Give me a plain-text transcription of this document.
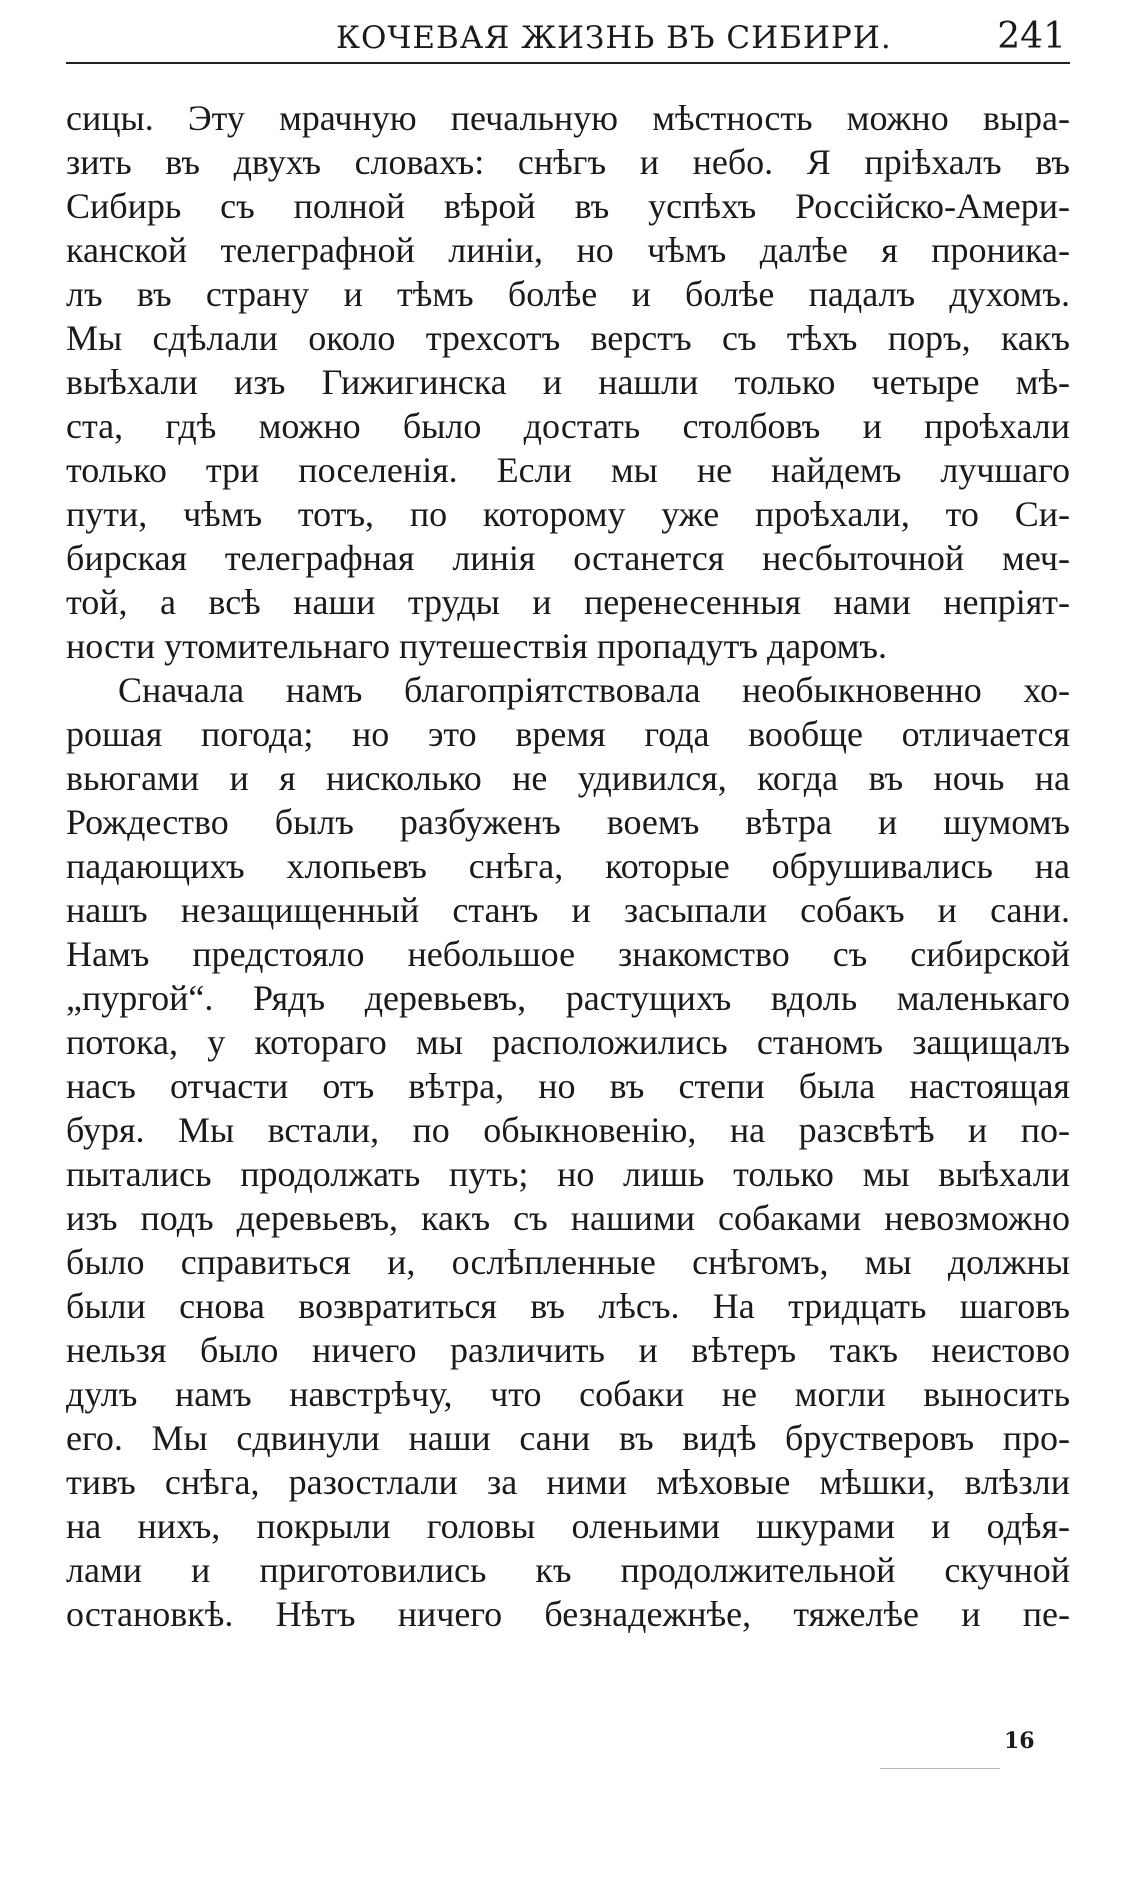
КОЧЕВАЯ ЖИЗНЬ ВЪ СИБИРИ.	241
сицы. Эту мрачную печальную мѣстность можно выра-
зить въ двухъ словахъ: снѣгъ и небо. Я пріѣхалъ въ
Сибирь съ полной вѣрой въ успѣхъ Россійско-Амери-
канской телеграфной линіи, но чѣмъ далѣе я проника-
лъ въ страну и тѣмъ болѣе и болѣе падалъ духомъ.
Мы сдѣлали около трехсотъ верстъ съ тѣхъ поръ, какъ
выѣхали изъ Гижигинска и нашли только четыре мѣ-
ста, гдѣ можно было достать столбовъ и проѣхали
только три поселенія. Если мы не найдемъ лучшаго
пути, чѣмъ тотъ, по которому уже проѣхали, то Си-
бирская телеграфная линія останется несбыточной меч-
той, а всѣ наши труды и перенесенныя нами непріят-
ности утомительнаго путешествія пропадутъ даромъ.
Сначала намъ благопріятствовала необыкновенно хо-
рошая погода; но это время года вообще отличается
вьюгами и я нисколько не удивился, когда въ ночь на
Рождество былъ разбуженъ воемъ вѣтра и шумомъ
падающихъ хлопьевъ снѣга, которые обрушивались на
нашъ незащищенный станъ и засыпали собакъ и сани.
Намъ предстояло небольшое знакомство съ сибирской
„пургой“. Рядъ деревьевъ, растущихъ вдоль маленькаго
потока, у котораго мы расположились станомъ защищалъ
насъ отчасти отъ вѣтра, но въ степи была настоящая
буря. Мы встали, по обыкновенію, на разсвѣтѣ и по-
пытались продолжать путь; но лишь только мы выѣхали
изъ подъ деревьевъ, какъ съ нашими собаками невозможно
было справиться и, ослѣпленные снѣгомъ, мы должны
были снова возвратиться въ лѣсъ. На тридцать шаговъ
нельзя было ничего различить и вѣтеръ такъ неистово
дулъ намъ навстрѣчу, что собаки не могли выносить
его. Мы сдвинули наши сани въ видѣ брустверовъ про-
тивъ снѣга, разостлали за ними мѣховые мѣшки, влѣзли
на нихъ, покрыли головы оленьими шкурами и одѣя-
лами и приготовились къ продолжительной скучной
остановкѣ. Нѣтъ ничего безнадежнѣе, тяжелѣе и пе-
16
